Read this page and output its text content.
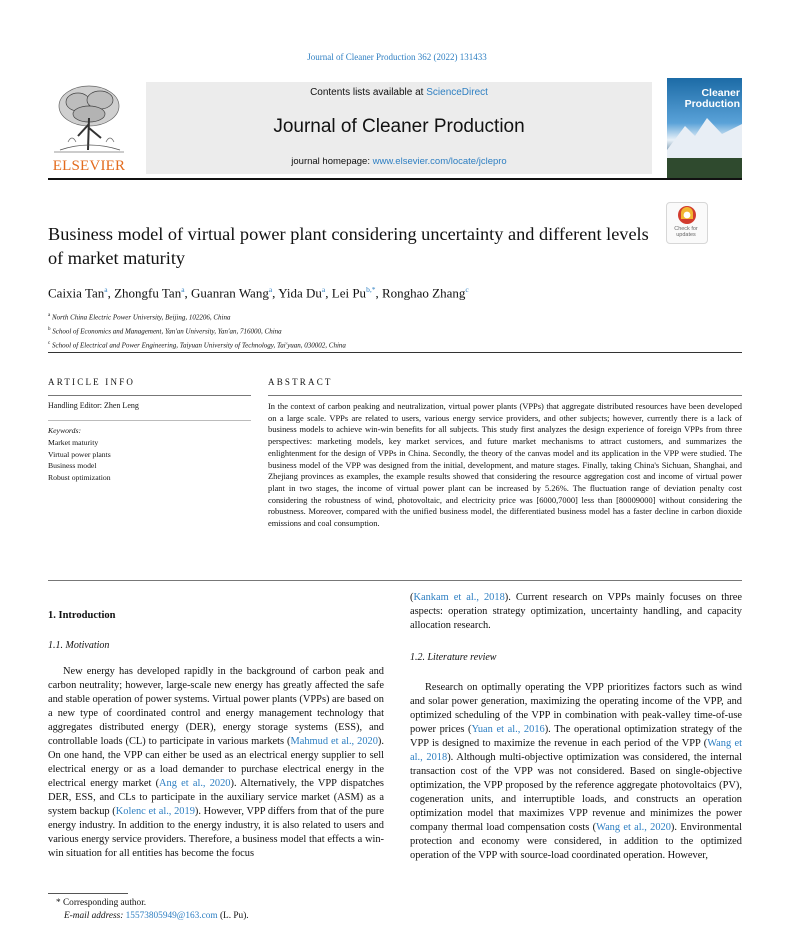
Journal of Cleaner Production 362 (2022) 131433
ELSEVIER
Contents lists available at ScienceDirect
Journal of Cleaner Production
journal homepage: www.elsevier.com/locate/jclepro
Cleaner
Production
Check for
updates
Business model of virtual power plant considering uncertainty and different levels of market maturity
Caixia Tan$^a$, Zhongfu Tan$^a$, Guanran Wang$^a$, Yida Du$^a$, Lei $Pu^{b,*}$, Ronghao Zhang$^c$
$^a$ North China Electric Power University, Beijing, 102206, China
$^b$ School of Economics and Management, Yan'an University, Yan'an, 716000, China
$^c$ School of Electrical and Power Engineering, Taiyuan University of Technology, Tai'yuan, 030002, China
ARTICLE INFO
Handling Editor: Zhen Leng
Keywords:
Market maturity
Virtual power plants
Business model
Robust optimization
ABSTRACT
In the context of carbon peaking and neutralization, virtual power plants (VPPs) that aggregate distributed resources have been developed on a large scale. VPPs are related to users, various energy service providers, and other subjects; however, currently there is a lack of business models to achieve win-win benefits for all subjects. This study first analyzes the design experience of foreign VPPs from three perspectives: marketing models, key market services, and future market mechanisms to attract customers, and summarizes the enlightenment for the design of VPPs in China. Secondly, the theory of the canvas model and its application in the VPP were studied. The business model of the VPP was designed from the initial, development, and mature stages. Finally, taking China's Sichuan, Shanghai, and Zhejiang provinces as examples, the example results showed that considering the resource aggregation cost and income of virtual power plant in two stages, the income of virtual power plant can be increased by 5.26%. The fluctuation range of deviation penalty cost considering the robustness of wind, photovoltaic, and electricity price was [6000,7000] less than [80009000] without considering the robustness. Moreover, compared with the unified business model, the differentiated business model has a faster decline in carbon dioxide emissions and coal consumption.
1. Introduction
1.1. Motivation
New energy has developed rapidly in the background of carbon peak and carbon neutrality; however, large-scale new energy has greatly affected the safe and stable operation of power systems. Virtual power plants (VPPs) are based on a new type of coordinated control and energy management technology that aggregates distributed energy (DER), energy storage systems (ESS), and controllable loads (CL) to participate in various markets (Mahmud et al., 2020). On one hand, the VPP can either be used as an electrical energy supplier to sell electrical energy or as a load demander to purchase electrical energy in the electrical energy market (Ang et al., 2020). Alternatively, the VPP dispatches DER, ESS, and CLs to participate in the auxiliary service market (ASM) as a system backup (Kolenc et al., 2019). However, VPP differs from that of the pure energy industry. In addition to the energy industry, it is also related to users and various energy service providers. Therefore, a business model that effects a win-win situation for all entities has become the focus
(Kankam et al., 2018). Current research on VPPs mainly focuses on three aspects: operation strategy optimization, uncertainty handling, and capacity allocation research.
1.2. Literature review
Research on optimally operating the VPP prioritizes factors such as wind and solar power generation, maximizing the operating income of the VPP, and optimized scheduling of the VPP in combination with peak-valley time-of-use power prices (Yuan et al., 2016). The operational optimization strategy of the VPP is designed to maximize the revenue in each period of the VPP (Wang et al., 2018). Although multi-objective optimization was considered, the internal transaction cost of the VPP was not considered. Based on single-objective optimization, the VPP proposed by the reference aggregate photovoltaics (PV), cogeneration units, and interruptible loads, and constructs an operation optimization model that maximizes VPP revenue and minimizes the power company thermal load compensation costs (Wang et al., 2020). Environmental protection and economy were considered, in addition to the optimized operation of the VPP with source-load coordinated operation. However,
* Corresponding author.
E-mail address: 15573805949@163.com (L. Pu).
